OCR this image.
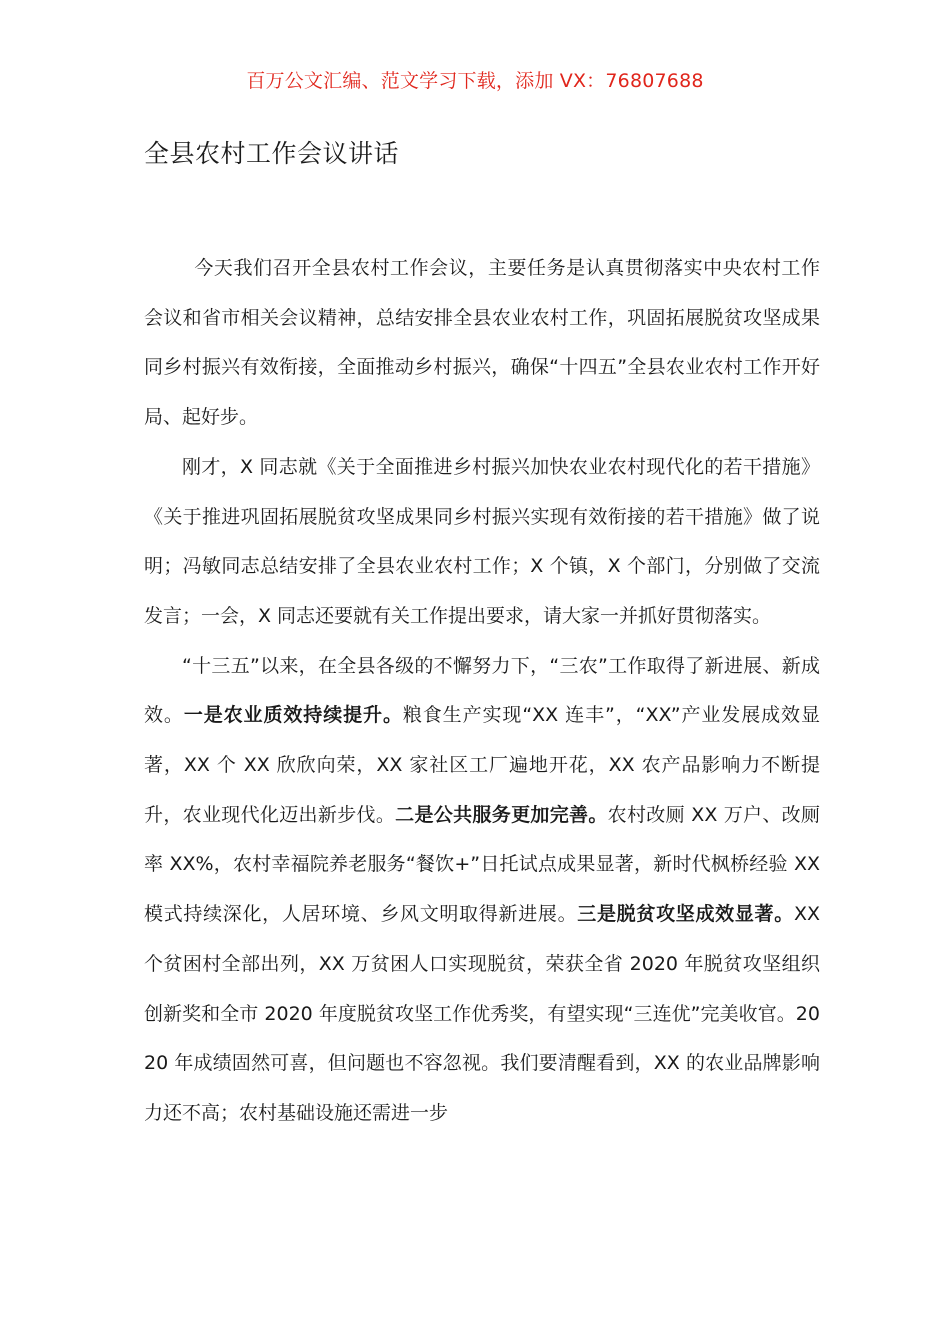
百万公文汇编、范文学习下载，添加 VX：76807688
全县农村工作会议讲话

今天我们召开全县农村工作会议，主要任务是认真贯彻落实中央农村工作会议和省市相关会议精神，总结安排全县农业农村工作，巩固拓展脱贫攻坚成果同乡村振兴有效衔接，全面推动乡村振兴，确保“十四五”全县农业农村工作开好局、起好步。

刚才，X 同志就《关于全面推进乡村振兴加快农业农村现代化的若干措施》《关于推进巩固拓展脱贫攻坚成果同乡村振兴实现有效衔接的若干措施》做了说明；冯敏同志总结安排了全县农业农村工作；X 个镇，X 个部门，分别做了交流发言；一会，X 同志还要就有关工作提出要求，请大家一并抓好贯彻落实。

“十三五”以来，在全县各级的不懈努力下，“三农”工作取得了新进展、新成效。一是农业质效持续提升。粮食生产实现“XX 连丰”，“XX”产业发展成效显著，XX 个 XX 欣欣向荣，XX 家社区工厂遍地开花，XX 农产品影响力不断提升，农业现代化迈出新步伐。二是公共服务更加完善。农村改厕 XX 万户、改厕率 XX%，农村幸福院养老服务“餐饮+”日托试点成果显著，新时代枫桥经验 XX 模式持续深化，人居环境、乡风文明取得新进展。三是脱贫攻坚成效显著。XX 个贫困村全部出列，XX 万贫困人口实现脱贫，荣获全省 2020 年脱贫攻坚组织创新奖和全市 2020 年度脱贫攻坚工作优秀奖，有望实现“三连优”完美收官。2020 年成绩固然可喜，但问题也不容忽视。我们要清醒看到，XX 的农业品牌影响力还不高；农村基础设施还需进一步
